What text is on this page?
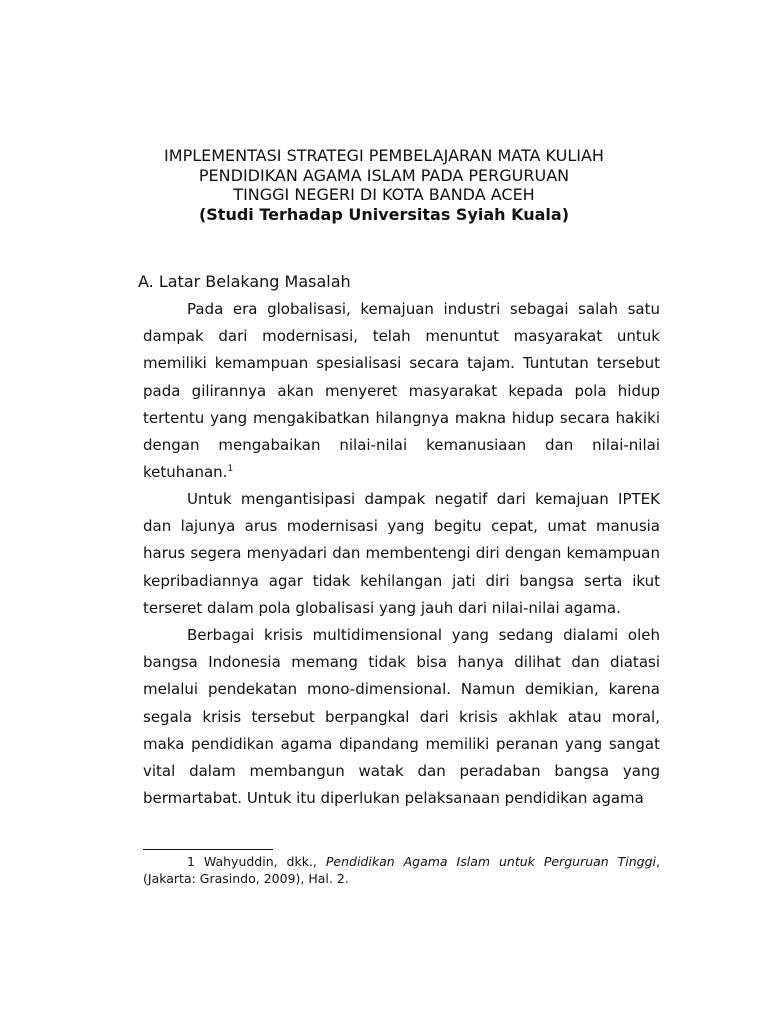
IMPLEMENTASI STRATEGI PEMBELAJARAN MATA KULIAH
PENDIDIKAN AGAMA ISLAM PADA PERGURUAN
TINGGI NEGERI DI KOTA BANDA ACEH
(Studi Terhadap Universitas Syiah Kuala)
A. Latar Belakang Masalah

Pada era globalisasi, kemajuan industri sebagai salah satu dampak dari modernisasi, telah menuntut masyarakat untuk memiliki kemampuan spesialisasi secara tajam. Tuntutan tersebut pada gilirannya akan menyeret masyarakat kepada pola hidup tertentu yang mengakibatkan hilangnya makna hidup secara hakiki dengan mengabaikan nilai-nilai kemanusiaan dan nilai-nilai ketuhanan.$^1$

Untuk mengantisipasi dampak negatif dari kemajuan IPTEK dan lajunya arus modernisasi yang begitu cepat, umat manusia harus segera menyadari dan membentengi diri dengan kemampuan kepribadiannya agar tidak kehilangan jati diri bangsa serta ikut terseret dalam pola globalisasi yang jauh dari nilai-nilai agama.

Berbagai krisis multidimensional yang sedang dialami oleh bangsa Indonesia memang tidak bisa hanya dilihat dan diatasi melalui pendekatan mono-dimensional. Namun demikian, karena segala krisis tersebut berpangkal dari krisis akhlak atau moral, maka pendidikan agama dipandang memiliki peranan yang sangat vital dalam membangun watak dan peradaban bangsa yang bermartabat. Untuk itu diperlukan pelaksanaan pendidikan agama

1 Wahyuddin, dkk., Pendidikan Agama Islam untuk Perguruan Tinggi, (Jakarta: Grasindo, 2009), Hal. 2.
